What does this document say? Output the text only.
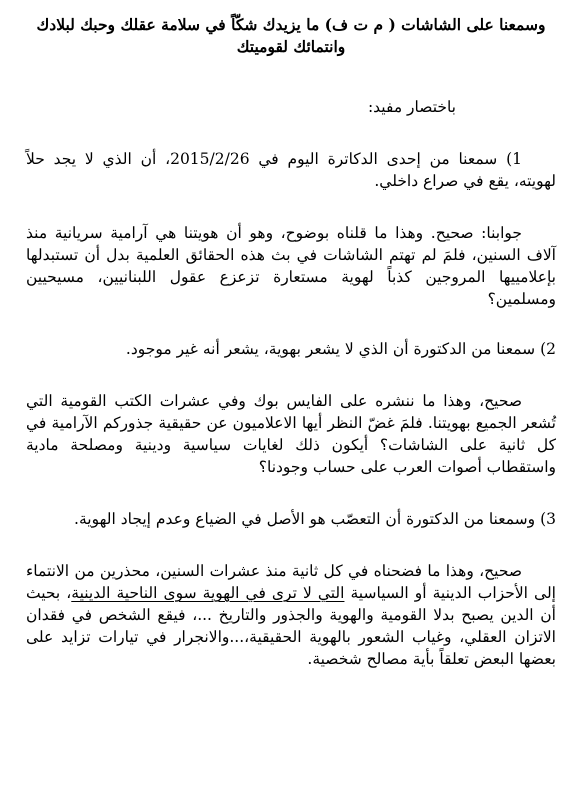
وسمعنا على الشاشات ( م ت ف) ما يزيدك شكّاً في سلامة عقلك وحبك لبلادك وانتمائك لقوميتك

باختصار مفيد:

1) سمعنا من إحدى الدكاترة اليوم في 2015/2/26، أن الذي لا يجد حلاً لهويته، يقع في صراع داخلي.

جوابنا: صحيح. وهذا ما قلناه بوضوح، وهو أن هويتنا هي آرامية سريانية منذ آلاف السنين، فلمَ لم تهتم الشاشات في بث هذه الحقائق العلمية بدل أن تستبدلها بإعلامييها المروجين كذباً لهوية مستعارة تزعزع عقول اللبنانيين، مسيحيين ومسلمين؟

2) سمعنا من الدكتورة أن الذي لا يشعر بهوية، يشعر أنه غير موجود.

صحيح، وهذا ما ننشره على الفايس بوك وفي عشرات الكتب القومية التي تُشعر الجميع بهويتنا. فلمَ غضّ النظر أيها الاعلاميون عن حقيقية جذوركم الآرامية في كل ثانية على الشاشات؟ أيكون ذلك لغايات سياسية ودينية ومصلحة مادية واستقطاب أصوات العرب على حساب وجودنا؟

3) وسمعنا من الدكتورة أن التعصّب هو الأصل في الضياع وعدم إيجاد الهوية.

صحيح، وهذا ما فضحناه في كل ثانية منذ عشرات السنين، محذرين من الانتماء إلى الأحزاب الدينية أو السياسية التي لا ترى في الهوية سوى الناحية الدينية، بحيث أن الدين يصبح بدلا القومية والهوية والجذور والتاريخ ...، فيقع الشخص في فقدان الاتزان العقلي، وغياب الشعور بالهوية الحقيقية،...والانجرار في تيارات تزايد على بعضها البعض تعلقاً بأية مصالح شخصية.
